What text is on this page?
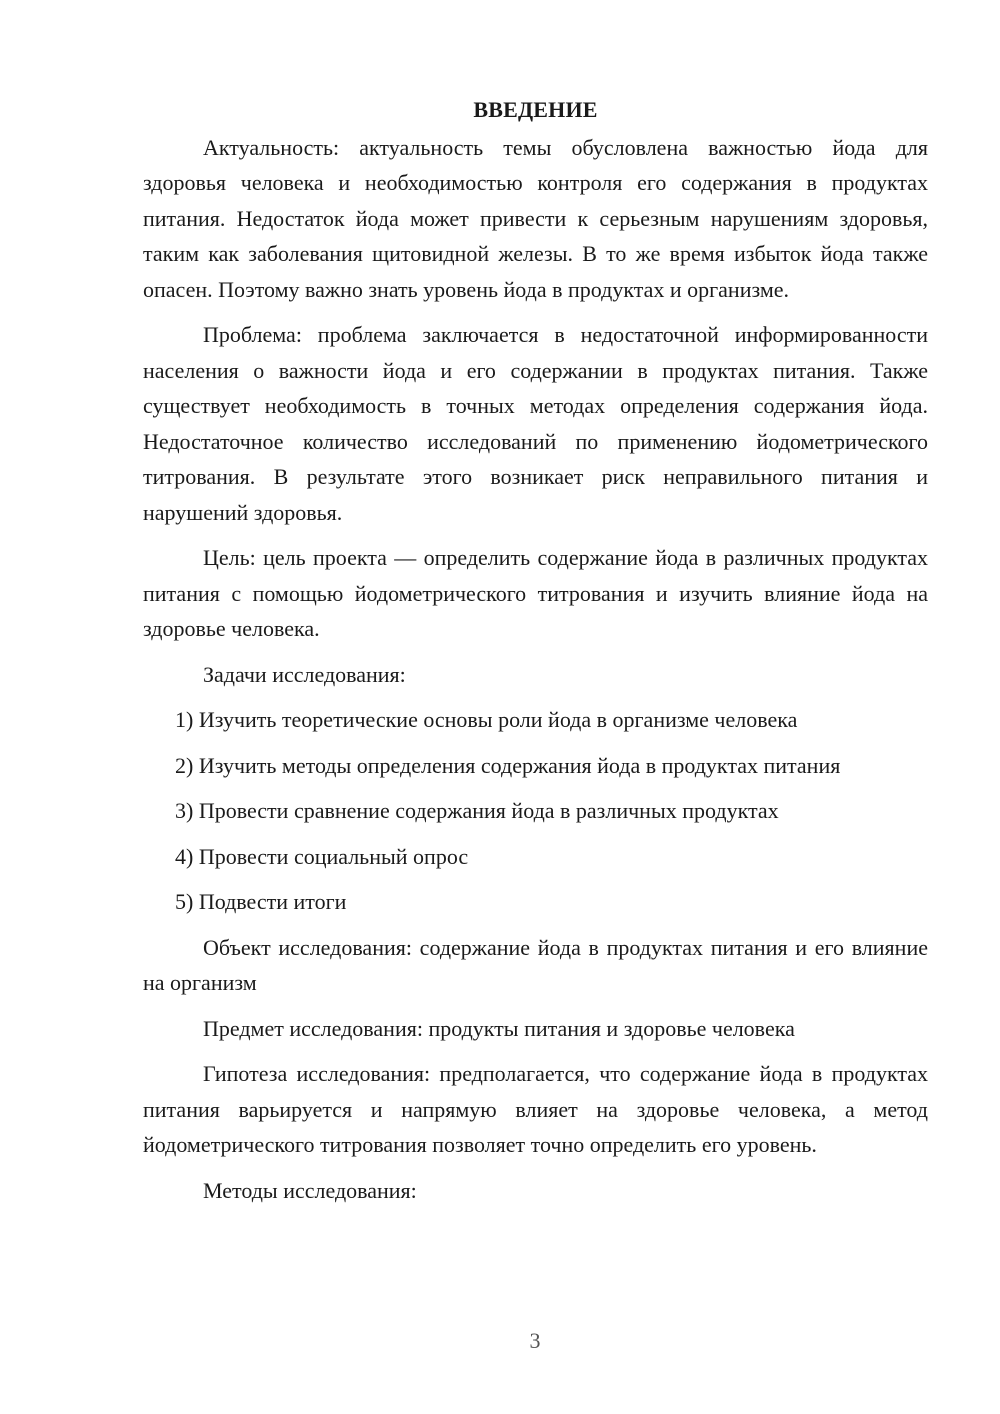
ВВЕДЕНИЕ

Актуальность: актуальность темы обусловлена важностью йода для здоровья человека и необходимостью контроля его содержания в продуктах питания. Недостаток йода может привести к серьезным нарушениям здоровья, таким как заболевания щитовидной железы. В то же время избыток йода также опасен. Поэтому важно знать уровень йода в продуктах и организме.

Проблема: проблема заключается в недостаточной информированности населения о важности йода и его содержании в продуктах питания. Также существует необходимость в точных методах определения содержания йода. Недостаточное количество исследований по применению йодометрического титрования. В результате этого возникает риск неправильного питания и нарушений здоровья.

Цель: цель проекта — определить содержание йода в различных продуктах питания с помощью йодометрического титрования и изучить влияние йода на здоровье человека.

Задачи исследования:

1) Изучить теоретические основы роли йода в организме человека
2) Изучить методы определения содержания йода в продуктах питания
3) Провести сравнение содержания йода в различных продуктах
4) Провести социальный опрос
5) Подвести итоги

Объект исследования: содержание йода в продуктах питания и его влияние на организм

Предмет исследования: продукты питания и здоровье человека

Гипотеза исследования: предполагается, что содержание йода в продуктах питания варьируется и напрямую влияет на здоровье человека, а метод йодометрического титрования позволяет точно определить его уровень.

Методы исследования:

3
